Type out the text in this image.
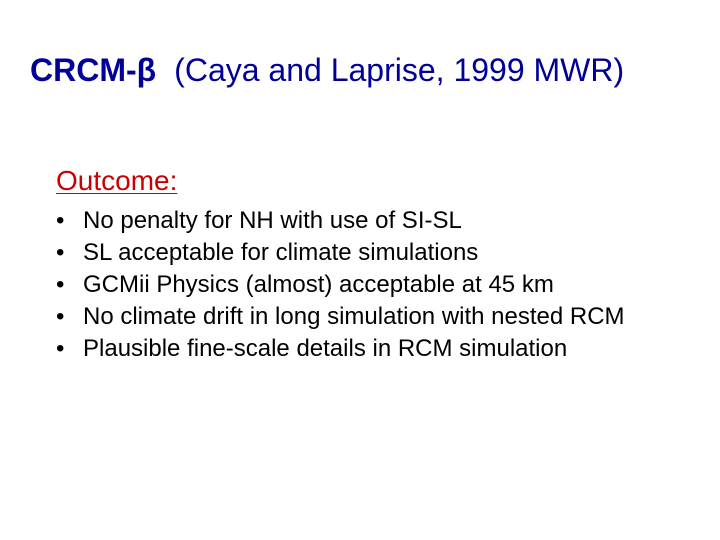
CRCM-β (Caya and Laprise, 1999 MWR)
Outcome:
• No penalty for NH with use of SI-SL
• SL acceptable for climate simulations
• GCMii Physics (almost) acceptable at 45 km
• No climate drift in long simulation with nested RCM
• Plausible fine-scale details in RCM simulation
